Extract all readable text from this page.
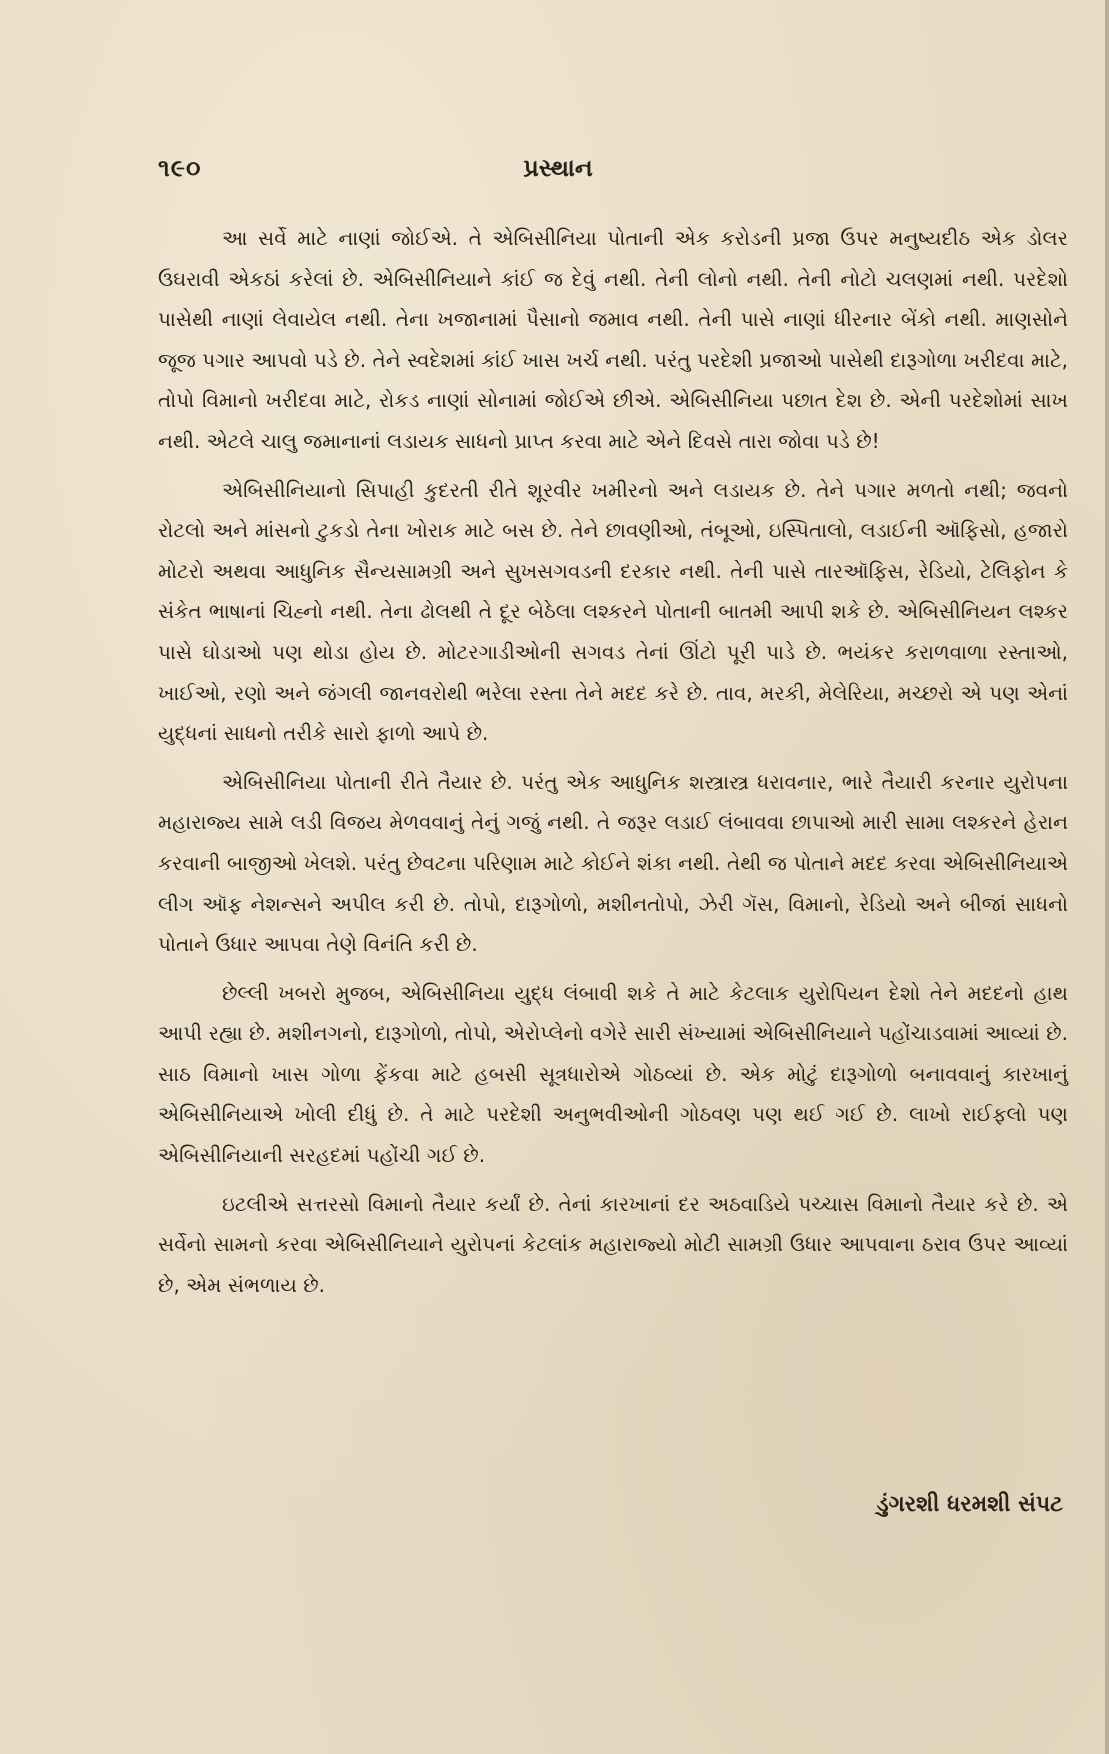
૧૯૦	પ્રસ્થાન

આ સર્વે માટે નાણાં જોઈએ. તે એબિસીનિયા પોતાની એક કરોડની પ્રજા ઉપર મનુષ્યદીઠ એક ડોલર ઉઘરાવી એકઠાં કરેલાં છે. એબિસીનિયાને કાંઈ જ દેવું નથી. તેની લોનો નથી. તેની નોટો ચલણમાં નથી. પરદેશો પાસેથી નાણાં લેવાયેલ નથી. તેના ખજાનામાં પૈસાનો જમાવ નથી. તેની પાસે નાણાં ધીરનાર બેંકો નથી. માણસોને જૂજ પગાર આપવો પડે છે. તેને સ્વદેશમાં કાંઈ ખાસ ખર્ચ નથી. પરંતુ પરદેશી પ્રજાઓ પાસેથી દારૂગોળા ખરીદવા માટે, તોપો વિમાનો ખરીદવા માટે, રોકડ નાણાં સોનામાં જોઈએ છીએ. એબિસીનિયા પછાત દેશ છે. એની પરદેશોમાં સાખ નથી. એટલે ચાલુ જમાનાનાં લડાયક સાધનો પ્રાપ્ત કરવા માટે એને દિવસે તારા જોવા પડે છે!

એબિસીનિયાનો સિપાહી કુદરતી રીતે શૂરવીર ખમીરનો અને લડાયક છે. તેને પગાર મળતો નથી; જવનો રોટલો અને માંસનો ટુકડો તેના ખોરાક માટે બસ છે. તેને છાવણીઓ, તંબૂઓ, ઇસ્પિતાલો, લડાઈની ઑફિસો, હજારો મોટરો અથવા આધુનિક સૈન્યસામગ્રી અને સુખસગવડની દરકાર નથી. તેની પાસે તારઑફિસ, રેડિયો, ટેલિફોન કે સંકેત ભાષાનાં ચિહ્નો નથી. તેના ઢોલથી તે દૂર બેઠેલા લશ્કરને પોતાની બાતમી આપી શકે છે. એબિસીનિયન લશ્કર પાસે ઘોડાઓ પણ થોડા હોય છે. મોટરગાડીઓની સગવડ તેનાં ઊંટો પૂરી પાડે છે. ભયંકર કરાળવાળા રસ્તાઓ, ખાઈઓ, રણો અને જંગલી જાનવરોથી ભરેલા રસ્તા તેને મદદ કરે છે. તાવ, મરકી, મેલેરિયા, મચ્છરો એ પણ એનાં યુદ્ધનાં સાધનો તરીકે સારો ફાળો આપે છે.

એબિસીનિયા પોતાની રીતે તૈયાર છે. પરંતુ એક આધુનિક શસ્ત્રાસ્ત્ર ધરાવનાર, ભારે તૈયારી કરનાર યુરોપના મહારાજ્ય સામે લડી વિજય મેળવવાનું તેનું ગજું નથી. તે જરૂર લડાઈ લંબાવવા છાપાઓ મારી સામા લશ્કરને હેરાન કરવાની બાજીઓ ખેલશે. પરંતુ છેવટના પરિણામ માટે કોઈને શંકા નથી. તેથી જ પોતાને મદદ કરવા એબિસીનિયાએ લીગ ઑફ નેશન્સને અપીલ કરી છે. તોપો, દારૂગોળો, મશીનતોપો, ઝેરી ગૅસ, વિમાનો, રેડિયો અને બીજાં સાધનો પોતાને ઉધાર આપવા તેણે વિનંતિ કરી છે.

છેલ્લી ખબરો મુજબ, એબિસીનિયા યુદ્ધ લંબાવી શકે તે માટે કેટલાક યુરોપિયન દેશો તેને મદદનો હાથ આપી રહ્યા છે. મશીનગનો, દારૂગોળો, તોપો, એરોપ્લેનો વગેરે સારી સંખ્યામાં એબિસીનિયાને પહોંચાડવામાં આવ્યાં છે. સાઠ વિમાનો ખાસ ગોળા ફેંકવા માટે હબસી સૂત્રધારોએ ગોઠવ્યાં છે. એક મોટું દારૂગોળો બનાવવાનું કારખાનું એબિસીનિયાએ ખોલી દીધું છે. તે માટે પરદેશી અનુભવીઓની ગોઠવણ પણ થઈ ગઈ છે. લાખો રાઈફલો પણ એબિસીનિયાની સરહદમાં પહોંચી ગઈ છે.

ઇટલીએ સત્તરસો વિમાનો તૈયાર કર્યાં છે. તેનાં કારખાનાં દર અઠવાડિયે પચ્ચાસ વિમાનો તૈયાર કરે છે. એ સર્વેનો સામનો કરવા એબિસીનિયાને યુરોપનાં કેટલાંક મહારાજ્યો મોટી સામગ્રી ઉધાર આપવાના ઠરાવ ઉપર આવ્યાં છે, એમ સંભળાય છે.

ડુંગરશી ધરમશી સંપટ
